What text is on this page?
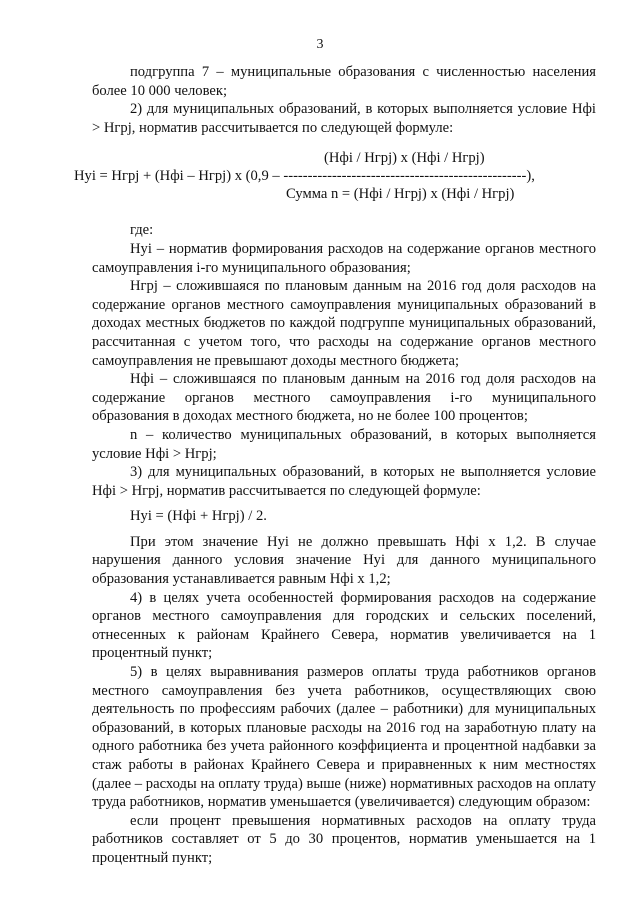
3

подгруппа 7 – муниципальные образования с численностью населения более 10 000 человек;

2) для муниципальных образований, в которых выполняется условие Нфі > Нгрj, норматив рассчитывается по следующей формуле:

(Нфі / Нгрj) х (Нфі / Нгрj)
Нуі = Нгрj + (Нфі – Нгрj) х (0,9 – --------------------------------------------------),
Сумма n = (Нфі / Нгрj) х (Нфі / Нгрj)

где:

Нуі – норматив формирования расходов на содержание органов местного самоуправления і-го муниципального образования;

Нгрj – сложившаяся по плановым данным на 2016 год доля расходов на содержание органов местного самоуправления муниципальных образований в доходах местных бюджетов по каждой подгруппе муниципальных образований, рассчитанная с учетом того, что расходы на содержание органов местного самоуправления не превышают доходы местного бюджета;

Нфі – сложившаяся по плановым данным на 2016 год доля расходов на содержание органов местного самоуправления і-го муниципального образования в доходах местного бюджета, но не более 100 процентов;

n – количество муниципальных образований, в которых выполняется условие Нфі > Нгрj;

3) для муниципальных образований, в которых не выполняется условие Нфі > Нгрj, норматив рассчитывается по следующей формуле:

Нуі = (Нфі + Нгрj) / 2.

При этом значение Нуі не должно превышать Нфі х 1,2. В случае нарушения данного условия значение Нуі для данного муниципального образования устанавливается равным Нфі х 1,2;

4) в целях учета особенностей формирования расходов на содержание органов местного самоуправления для городских и сельских поселений, отнесенных к районам Крайнего Севера, норматив увеличивается на 1 процентный пункт;

5) в целях выравнивания размеров оплаты труда работников органов местного самоуправления без учета работников, осуществляющих свою деятельность по профессиям рабочих (далее – работники) для муниципальных образований, в которых плановые расходы на 2016 год на заработную плату на одного работника без учета районного коэффициента и процентной надбавки за стаж работы в районах Крайнего Севера и приравненных к ним местностях (далее – расходы на оплату труда) выше (ниже) нормативных расходов на оплату труда работников, норматив уменьшается (увеличивается) следующим образом:

если процент превышения нормативных расходов на оплату труда работников составляет от 5 до 30 процентов, норматив уменьшается на 1 процентный пункт;
